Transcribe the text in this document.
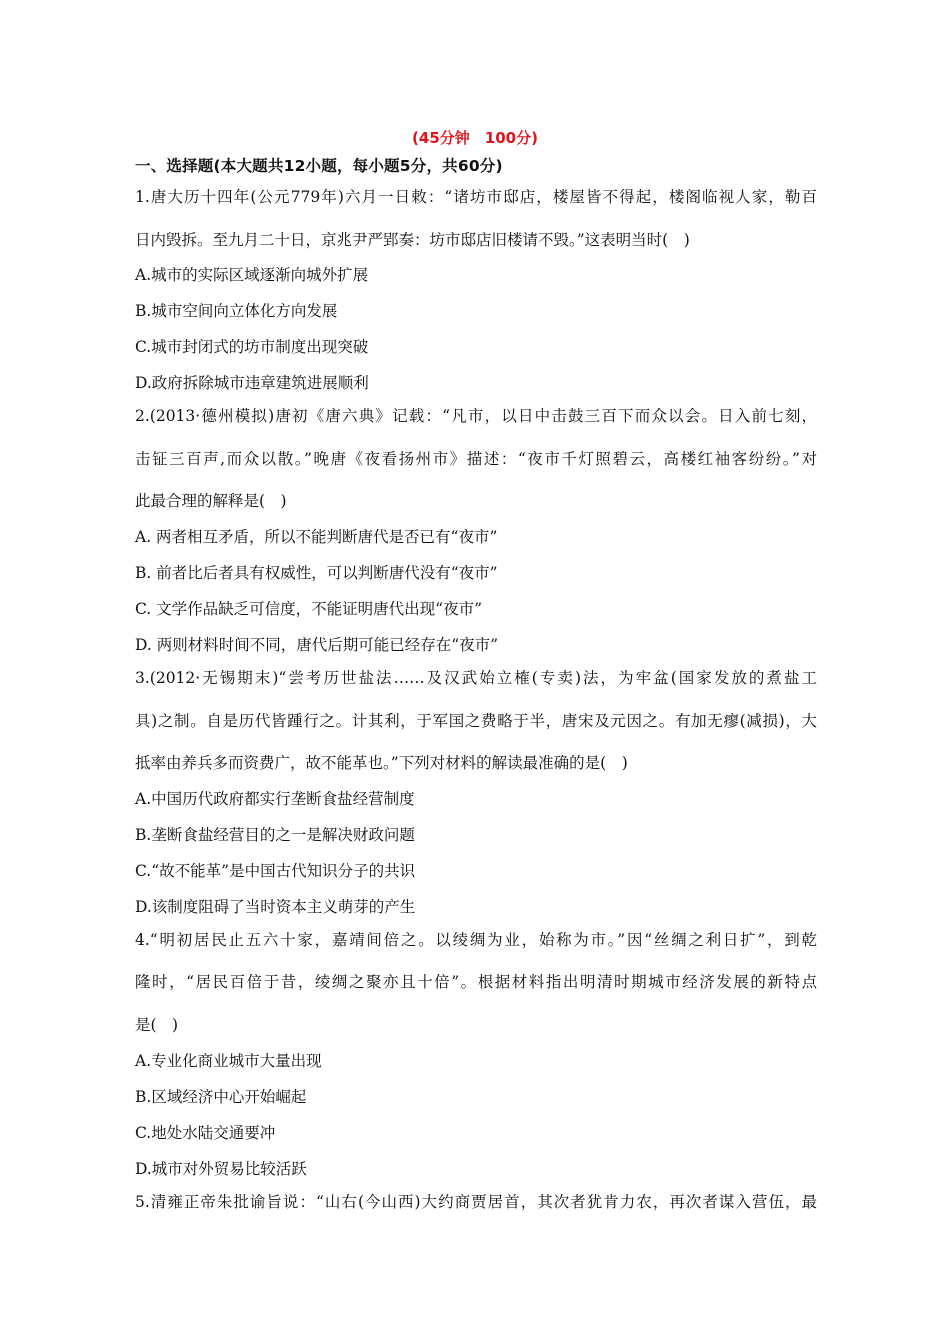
(45分钟　100分)
一、选择题(本大题共12小题，每小题5分，共60分)
1.唐大历十四年(公元779年)六月一日敕：“诸坊市邸店，楼屋皆不得起，楼阁临视人家，勒百
日内毁拆。至九月二十日，京兆尹严郢奏：坊市邸店旧楼请不毁。”这表明当时(　)
A.城市的实际区域逐渐向城外扩展
B.城市空间向立体化方向发展
C.城市封闭式的坊市制度出现突破
D.政府拆除城市违章建筑进展顺利
2.(2013·德州模拟)唐初《唐六典》记载：“凡市，以日中击鼓三百下而众以会。日入前七刻，
击钲三百声,而众以散。”晚唐《夜看扬州市》描述：“夜市千灯照碧云，高楼红袖客纷纷。”对
此最合理的解释是(　)
A. 两者相互矛盾，所以不能判断唐代是否已有“夜市”
B. 前者比后者具有权威性，可以判断唐代没有“夜市”
C. 文学作品缺乏可信度，不能证明唐代出现“夜市”
D. 两则材料时间不同，唐代后期可能已经存在“夜市”
3.(2012·无锡期末)“尝考历世盐法……及汉武始立榷(专卖)法，为牢盆(国家发放的煮盐工
具)之制。自是历代皆踵行之。计其利，于军国之费略于半，唐宋及元因之。有加无瘳(减损)，大
抵率由养兵多而资费广，故不能革也。”下列对材料的解读最准确的是(　)
A.中国历代政府都实行垄断食盐经营制度
B.垄断食盐经营目的之一是解决财政问题
C.“故不能革”是中国古代知识分子的共识
D.该制度阻碍了当时资本主义萌芽的产生
4.“明初居民止五六十家，嘉靖间倍之。以绫绸为业，始称为市。”因“丝绸之利日扩”，到乾
隆时，“居民百倍于昔，绫绸之聚亦且十倍”。根据材料指出明清时期城市经济发展的新特点
是(　)
A.专业化商业城市大量出现
B.区域经济中心开始崛起
C.地处水陆交通要冲
D.城市对外贸易比较活跃
5.清雍正帝朱批谕旨说：“山右(今山西)大约商贾居首，其次者犹肯力农，再次者谋入营伍，最
